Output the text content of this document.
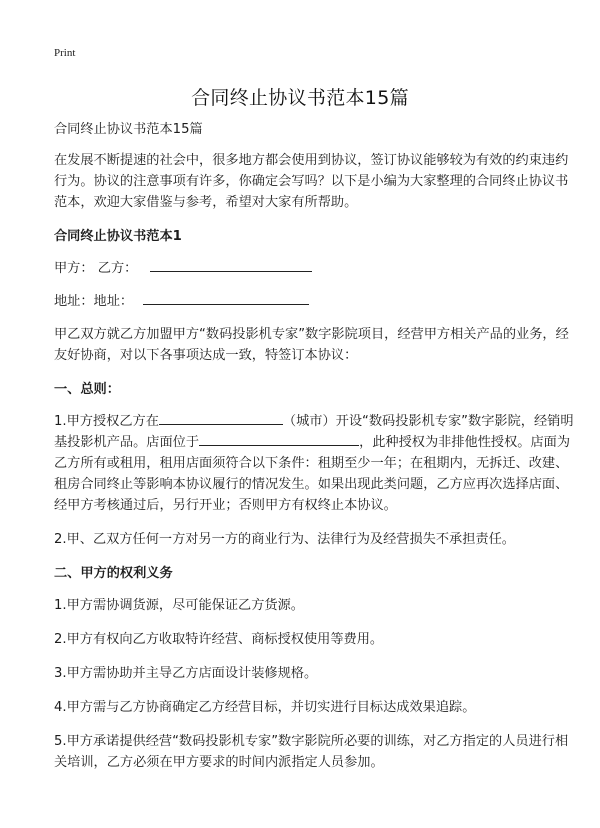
Print
合同终止协议书范本15篇

合同终止协议书范本15篇

在发展不断提速的社会中，很多地方都会使用到协议，签订协议能够较为有效的约束违约行为。协议的注意事项有许多，你确定会写吗？以下是小编为大家整理的合同终止协议书范本，欢迎大家借鉴与参考，希望对大家有所帮助。

合同终止协议书范本1

甲方： 乙方：

地址：地址：

甲乙双方就乙方加盟甲方“数码投影机专家”数字影院项目，经营甲方相关产品的业务，经友好协商，对以下各事项达成一致，特签订本协议：

一、总则：

1.甲方授权乙方在	（城市）开设“数码投影机专家”数字影院，经销明基投影机产品。店面位于	，此种授权为非排他性授权。店面为乙方所有或租用，租用店面须符合以下条件：租期至少一年；在租期内，无拆迁、改建、租房合同终止等影响本协议履行的情况发生。如果出现此类问题，乙方应再次选择店面、经甲方考核通过后，另行开业；否则甲方有权终止本协议。

2.甲、乙双方任何一方对另一方的商业行为、法律行为及经营损失不承担责任。

二、甲方的权利义务

1.甲方需协调货源，尽可能保证乙方货源。

2.甲方有权向乙方收取特许经营、商标授权使用等费用。

3.甲方需协助并主导乙方店面设计装修规格。

4.甲方需与乙方协商确定乙方经营目标，并切实进行目标达成效果追踪。

5.甲方承诺提供经营“数码投影机专家”数字影院所必要的训练，对乙方指定的人员进行相关培训，乙方必须在甲方要求的时间内派指定人员参加。
